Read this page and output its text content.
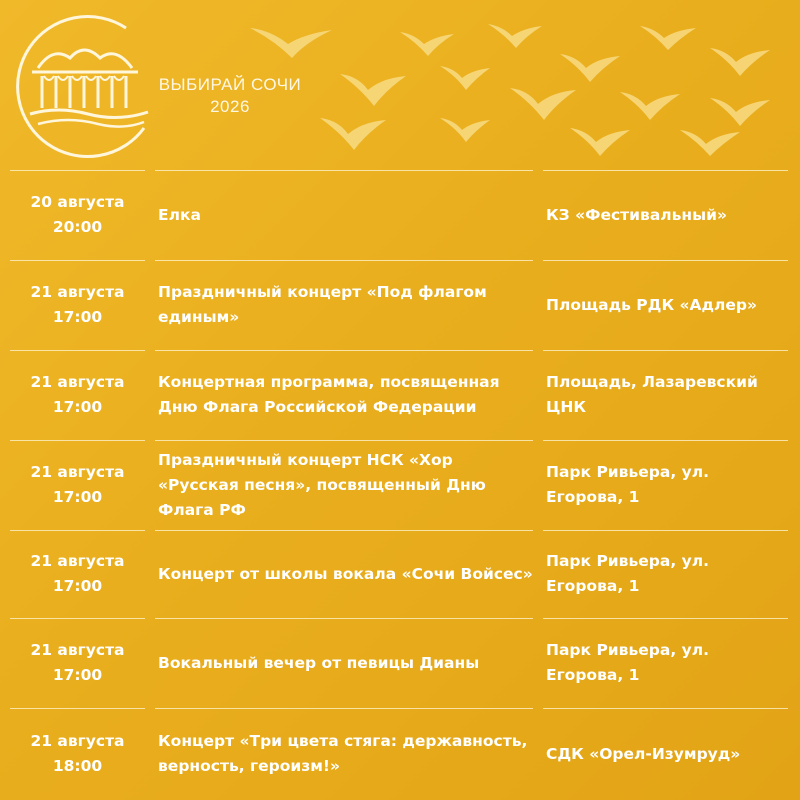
ВЫБИРАЙ СОЧИ
2026
20 августа
20:00
Елка	КЗ «Фестивальный»
21 августа
17:00
Праздничный концерт «Под флагом единым»
Площадь РДК «Адлер»
21 августа
17:00
Концертная программа, посвященная Дню Флага Российской Федерации
Площадь, Лазаревский ЦНК
21 августа
17:00
Праздничный концерт НСК «Хор «Русская песня», посвященный Дню Флага РФ
Парк Ривьера, ул. Егорова, 1
21 августа
17:00
Концерт от школы вокала «Сочи Войсес»
Парк Ривьера, ул. Егорова, 1
21 августа
17:00
Вокальный вечер от певицы Дианы
Парк Ривьера, ул. Егорова, 1
21 августа
18:00
Концерт «Три цвета стяга: державность, верность, героизм!»
СДК «Орел-Изумруд»
